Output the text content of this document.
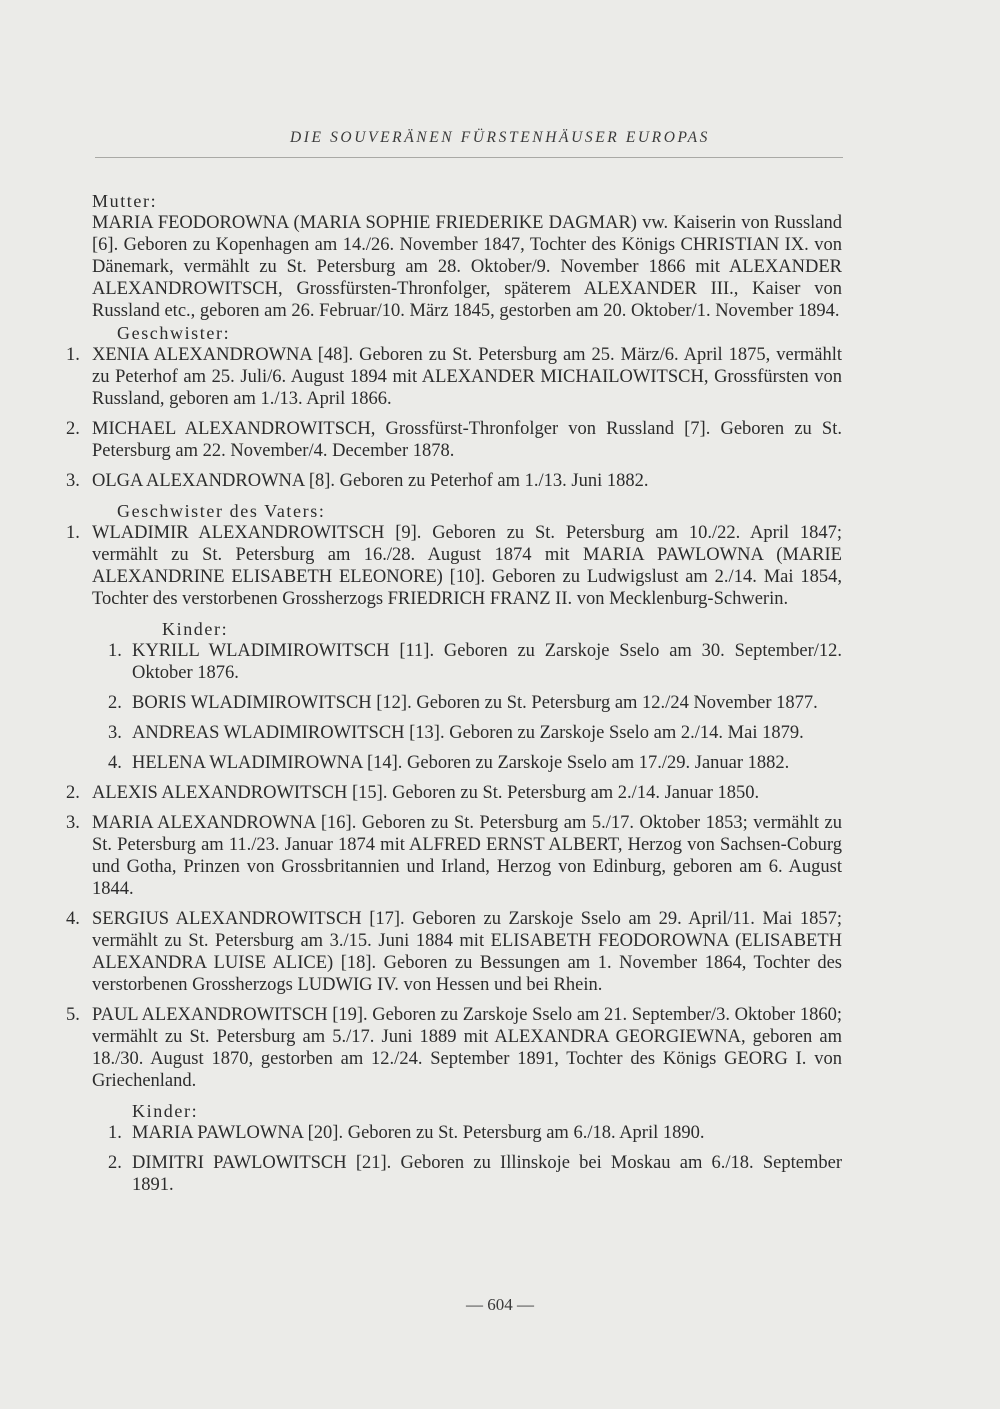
DIE SOUVERÄNEN FÜRSTENHÄUSER EUROPAS

Mutter:

MARIA FEODOROWNA (MARIA SOPHIE FRIEDERIKE DAGMAR) vw. Kaiserin von Russland [6]. Geboren zu Kopenhagen am 14./26. November 1847, Tochter des Königs CHRISTIAN IX. von Dänemark, vermählt zu St. Petersburg am 28. Oktober/9. November 1866 mit ALEXANDER ALEXANDROWITSCH, Grossfürsten-Thronfolger, späterem ALEXANDER III., Kaiser von Russland etc., geboren am 26. Februar/10. März 1845, gestorben am 20. Oktober/1. November 1894.

Geschwister:

1. XENIA ALEXANDROWNA [48]. Geboren zu St. Petersburg am 25. März/6. April 1875, vermählt zu Peterhof am 25. Juli/6. August 1894 mit ALEXANDER MICHAILOWITSCH, Grossfürsten von Russland, geboren am 1./13. April 1866.

2. MICHAEL ALEXANDROWITSCH, Grossfürst-Thronfolger von Russland [7]. Geboren zu St. Petersburg am 22. November/4. December 1878.

3. OLGA ALEXANDROWNA [8]. Geboren zu Peterhof am 1./13. Juni 1882.

Geschwister des Vaters:

1. WLADIMIR ALEXANDROWITSCH [9]. Geboren zu St. Petersburg am 10./22. April 1847; vermählt zu St. Petersburg am 16./28. August 1874 mit MARIA PAWLOWNA (MARIE ALEXANDRINE ELISABETH ELEONORE) [10]. Geboren zu Ludwigslust am 2./14. Mai 1854, Tochter des verstorbenen Grossherzogs FRIEDRICH FRANZ II. von Mecklenburg-Schwerin.

Kinder:

1. KYRILL WLADIMIROWITSCH [11]. Geboren zu Zarskoje Sselo am 30. September/12. Oktober 1876.

2. BORIS WLADIMIROWITSCH [12]. Geboren zu St. Petersburg am 12./24 November 1877.

3. ANDREAS WLADIMIROWITSCH [13]. Geboren zu Zarskoje Sselo am 2./14. Mai 1879.

4. HELENA WLADIMIROWNA [14]. Geboren zu Zarskoje Sselo am 17./29. Januar 1882.

2. ALEXIS ALEXANDROWITSCH [15]. Geboren zu St. Petersburg am 2./14. Januar 1850.

3. MARIA ALEXANDROWNA [16]. Geboren zu St. Petersburg am 5./17. Oktober 1853; vermählt zu St. Petersburg am 11./23. Januar 1874 mit ALFRED ERNST ALBERT, Herzog von Sachsen-Coburg und Gotha, Prinzen von Grossbritannien und Irland, Herzog von Edinburg, geboren am 6. August 1844.

4. SERGIUS ALEXANDROWITSCH [17]. Geboren zu Zarskoje Sselo am 29. April/11. Mai 1857; vermählt zu St. Petersburg am 3./15. Juni 1884 mit ELISABETH FEODOROWNA (ELISABETH ALEXANDRA LUISE ALICE) [18]. Geboren zu Bessungen am 1. November 1864, Tochter des verstorbenen Grossherzogs LUDWIG IV. von Hessen und bei Rhein.

5. PAUL ALEXANDROWITSCH [19]. Geboren zu Zarskoje Sselo am 21. September/3. Oktober 1860; vermählt zu St. Petersburg am 5./17. Juni 1889 mit ALEXANDRA GEORGIEWNA, geboren am 18./30. August 1870, gestorben am 12./24. September 1891, Tochter des Königs GEORG I. von Griechenland.

Kinder:

1. MARIA PAWLOWNA [20]. Geboren zu St. Petersburg am 6./18. April 1890.

2. DIMITRI PAWLOWITSCH [21]. Geboren zu Illinskoje bei Moskau am 6./18. September 1891.

— 604 —
